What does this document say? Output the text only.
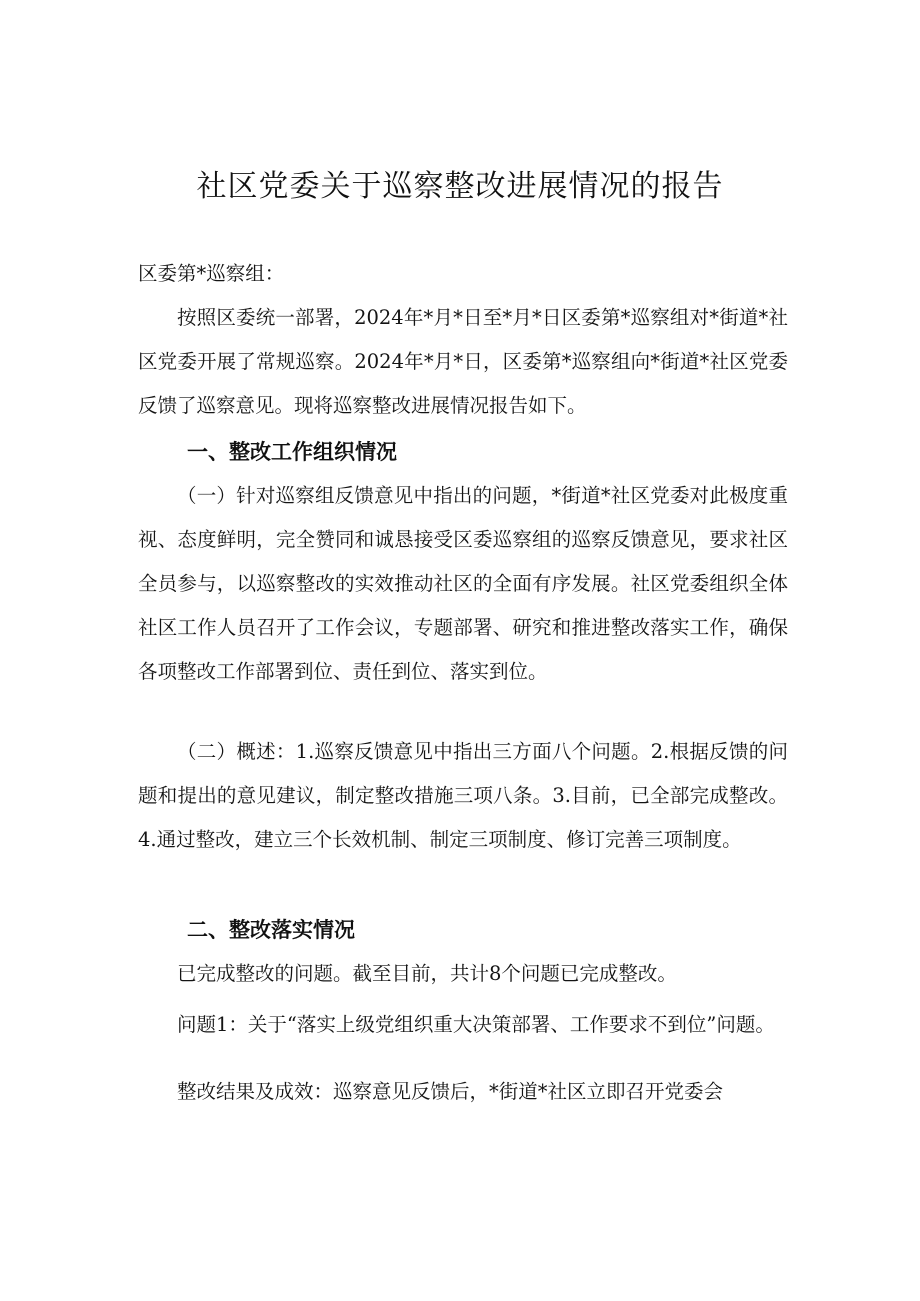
社区党委关于巡察整改进展情况的报告

区委第*巡察组：

按照区委统一部署，2024年*月*日至*月*日区委第*巡察组对*街道*社区党委开展了常规巡察。2024年*月*日，区委第*巡察组向*街道*社区党委反馈了巡察意见。现将巡察整改进展情况报告如下。

一、整改工作组织情况

（一）针对巡察组反馈意见中指出的问题，*街道*社区党委对此极度重视、态度鲜明，完全赞同和诚恳接受区委巡察组的巡察反馈意见，要求社区全员参与，以巡察整改的实效推动社区的全面有序发展。社区党委组织全体社区工作人员召开了工作会议，专题部署、研究和推进整改落实工作，确保各项整改工作部署到位、责任到位、落实到位。

（二）概述：1.巡察反馈意见中指出三方面八个问题。2.根据反馈的问题和提出的意见建议，制定整改措施三项八条。3.目前，已全部完成整改。4.通过整改，建立三个长效机制、制定三项制度、修订完善三项制度。

二、整改落实情况

已完成整改的问题。截至目前，共计8个问题已完成整改。

问题1：关于“落实上级党组织重大决策部署、工作要求不到位”问题。

整改结果及成效：巡察意见反馈后，*街道*社区立即召开党委会
